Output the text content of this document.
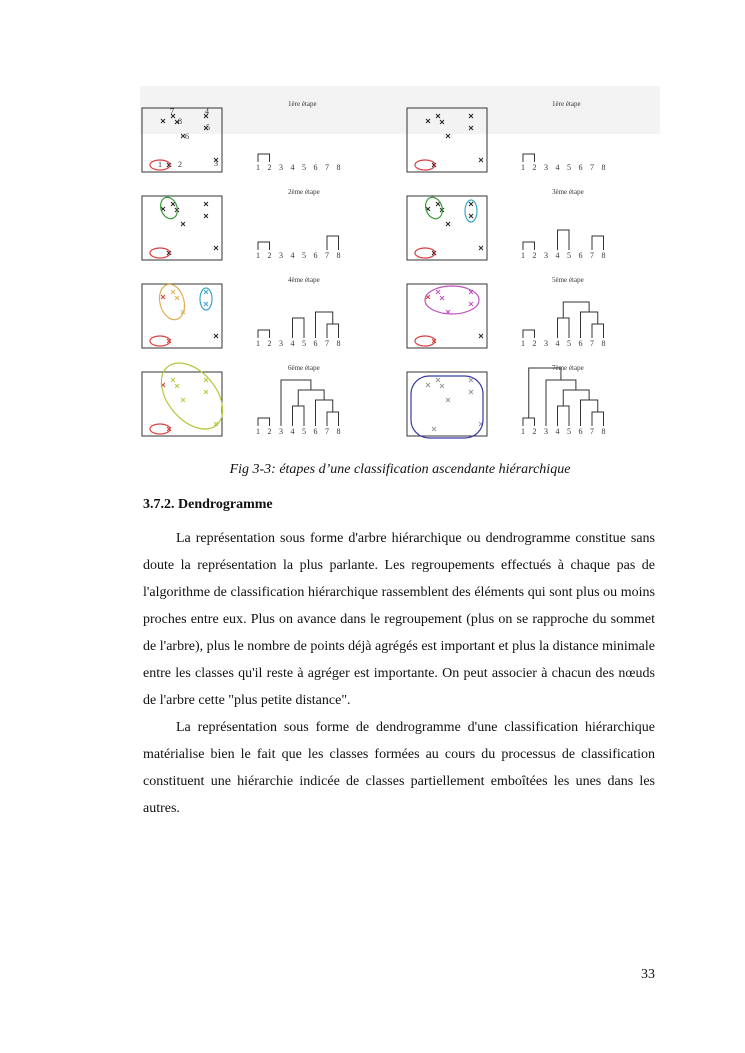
1ère étape	1ère étape
2ème étape	3ème étape
4ème étape	5ème étape
6ème étape	7ème étape
1 2	3
4
5
6
7
8
1 2 3 4 5 6 7 8	1 2 3 4 5 6 7 8
1 2 3 4 5 6 7 8	1 2 3 4 5 6 7 8
1 2 3 4 5 6 7 8	1 2 3 4 5 6 7 8
1 2 3 4 5 6 7 8	1 2 3 4 5 6 7 8
Fig 3-3: étapes d’une classification ascendante hiérarchique
3.7.2. Dendrogramme

La représentation sous forme d'arbre hiérarchique ou dendrogramme constitue sans doute la représentation la plus parlante. Les regroupements effectués à chaque pas de l'algorithme de classification hiérarchique rassemblent des éléments qui sont plus ou moins proches entre eux. Plus on avance dans le regroupement (plus on se rapproche du sommet de l'arbre), plus le nombre de points déjà agrégés est important et plus la distance minimale entre les classes qu'il reste à agréger est importante. On peut associer à chacun des nœuds de l'arbre cette "plus petite distance".

La représentation sous forme de dendrogramme d'une classification hiérarchique matérialise bien le fait que les classes formées au cours du processus de classification constituent une hiérarchie indicée de classes partiellement emboîtées les unes dans les autres.

33
